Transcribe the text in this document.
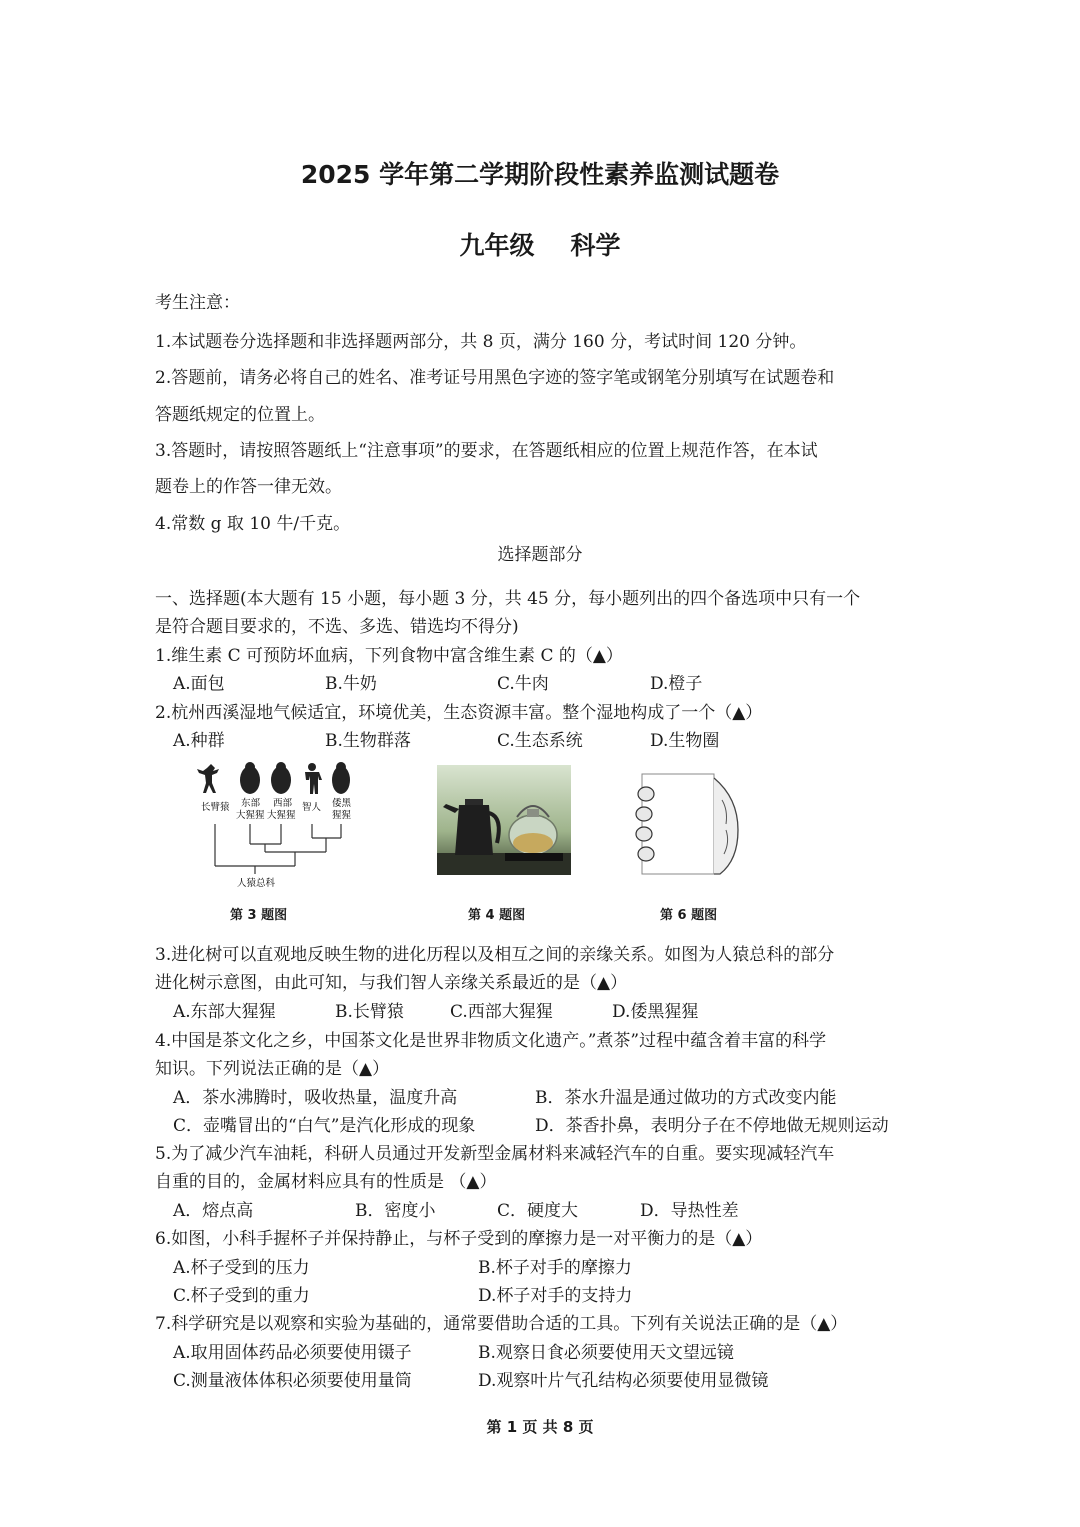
2025 学年第二学期阶段性素养监测试题卷
九年级 科学
考生注意：
1.本试题卷分选择题和非选择题两部分，共 8 页，满分 160 分，考试时间 120 分钟。
2.答题前，请务必将自己的姓名、准考证号用黑色字迹的签字笔或钢笔分别填写在试题卷和
答题纸规定的位置上。
3.答题时，请按照答题纸上“注意事项”的要求，在答题纸相应的位置上规范作答，在本试
题卷上的作答一律无效。
4.常数 g 取 10 牛/千克。
选择题部分
一、选择题(本大题有 15 小题，每小题 3 分，共 45 分，每小题列出的四个备选项中只有一个
是符合题目要求的，不选、多选、错选均不得分)
1.维生素 C 可预防坏血病，下列食物中富含维生素 C 的（▲）
A.面包	B.牛奶	C.牛肉	D.橙子
2.杭州西溪湿地气候适宜，环境优美，生态资源丰富。整个湿地构成了一个（▲）
A.种群	B.生物群落	C.生态系统	D.生物圈
长臂猿 东部
大猩猩
西部
大猩猩
智人 倭黑
猩猩
人猿总科
第 3 题图	第 4 题图	第 6 题图
3.进化树可以直观地反映生物的进化历程以及相互之间的亲缘关系。如图为人猿总科的部分
进化树示意图，由此可知，与我们智人亲缘关系最近的是（▲）
A.东部大猩猩	B.长臂猿	C.西部大猩猩	D.倭黑猩猩
4.中国是茶文化之乡，中国茶文化是世界非物质文化遗产。”煮茶”过程中蕴含着丰富的科学
知识。下列说法正确的是（▲）
A．茶水沸腾时，吸收热量，温度升高	B．茶水升温是通过做功的方式改变内能
C．壶嘴冒出的“白气”是汽化形成的现象	D．茶香扑鼻，表明分子在不停地做无规则运动
5.为了减少汽车油耗，科研人员通过开发新型金属材料来减轻汽车的自重。要实现减轻汽车
自重的目的，金属材料应具有的性质是 （▲）
A．熔点高	B．密度小	C．硬度大	D．导热性差
6.如图，小科手握杯子并保持静止，与杯子受到的摩擦力是一对平衡力的是（▲）
A.杯子受到的压力	B.杯子对手的摩擦力
C.杯子受到的重力	D.杯子对手的支持力
7.科学研究是以观察和实验为基础的，通常要借助合适的工具。下列有关说法正确的是（▲）
A.取用固体药品必须要使用镊子	B.观察日食必须要使用天文望远镜
C.测量液体体积必须要使用量筒	D.观察叶片气孔结构必须要使用显微镜
第 1 页 共 8 页
